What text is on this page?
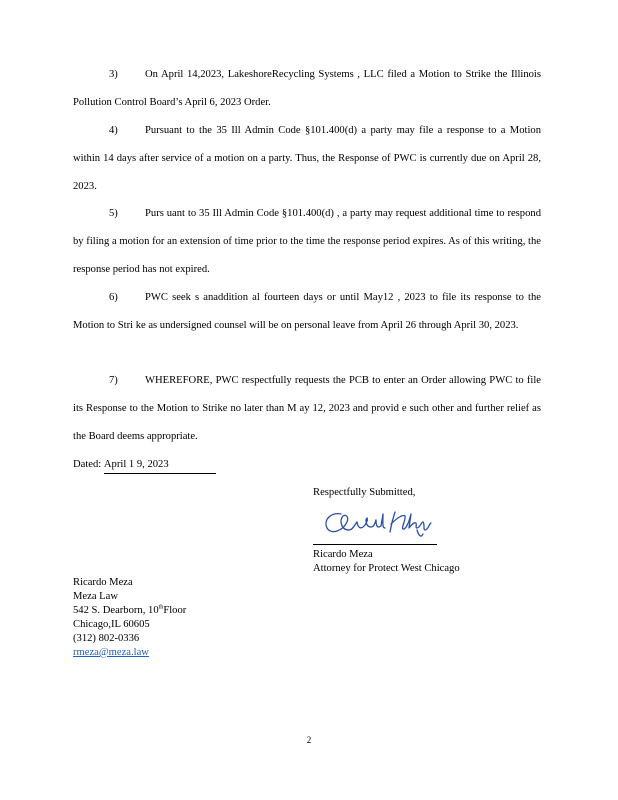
3)	On April 14,2023, LakeshoreRecycling Systems , LLC filed a Motion to Strike the Illinois Pollution Control Board’s April 6, 2023 Order.

4)	Pursuant to the 35 Ill Admin Code §101.400(d) a party may file a response to a Motion within 14 days after service of a motion on a party. Thus, the Response of PWC is currently due on April 28, 2023.

5)	Purs uant to 35 Ill Admin Code §101.400(d) , a party may request additional time to respond by filing a motion for an extension of time prior to the time the response period expires. As of this writing, the response period has not expired.

6)	PWC seek s anaddition al fourteen days or until May12 , 2023 to file its response to the Motion to Stri ke as undersigned counsel will be on personal leave from April 26 through April 30, 2023.

7)	WHEREFORE, PWC respectfully requests the PCB to enter an Order allowing PWC to file its Response to the Motion to Strike no later than M ay 12, 2023 and provid e such other and further relief as the Board deems appropriate.

Dated: April 1 9, 2023
Respectfully Submitted,
Ricardo Meza
Attorney for Protect West Chicago
Ricardo Meza
Meza Law
542 S. Dearborn, 10thFloor
Chicago,IL 60605
(312) 802-0336
rmeza@meza.law
2
